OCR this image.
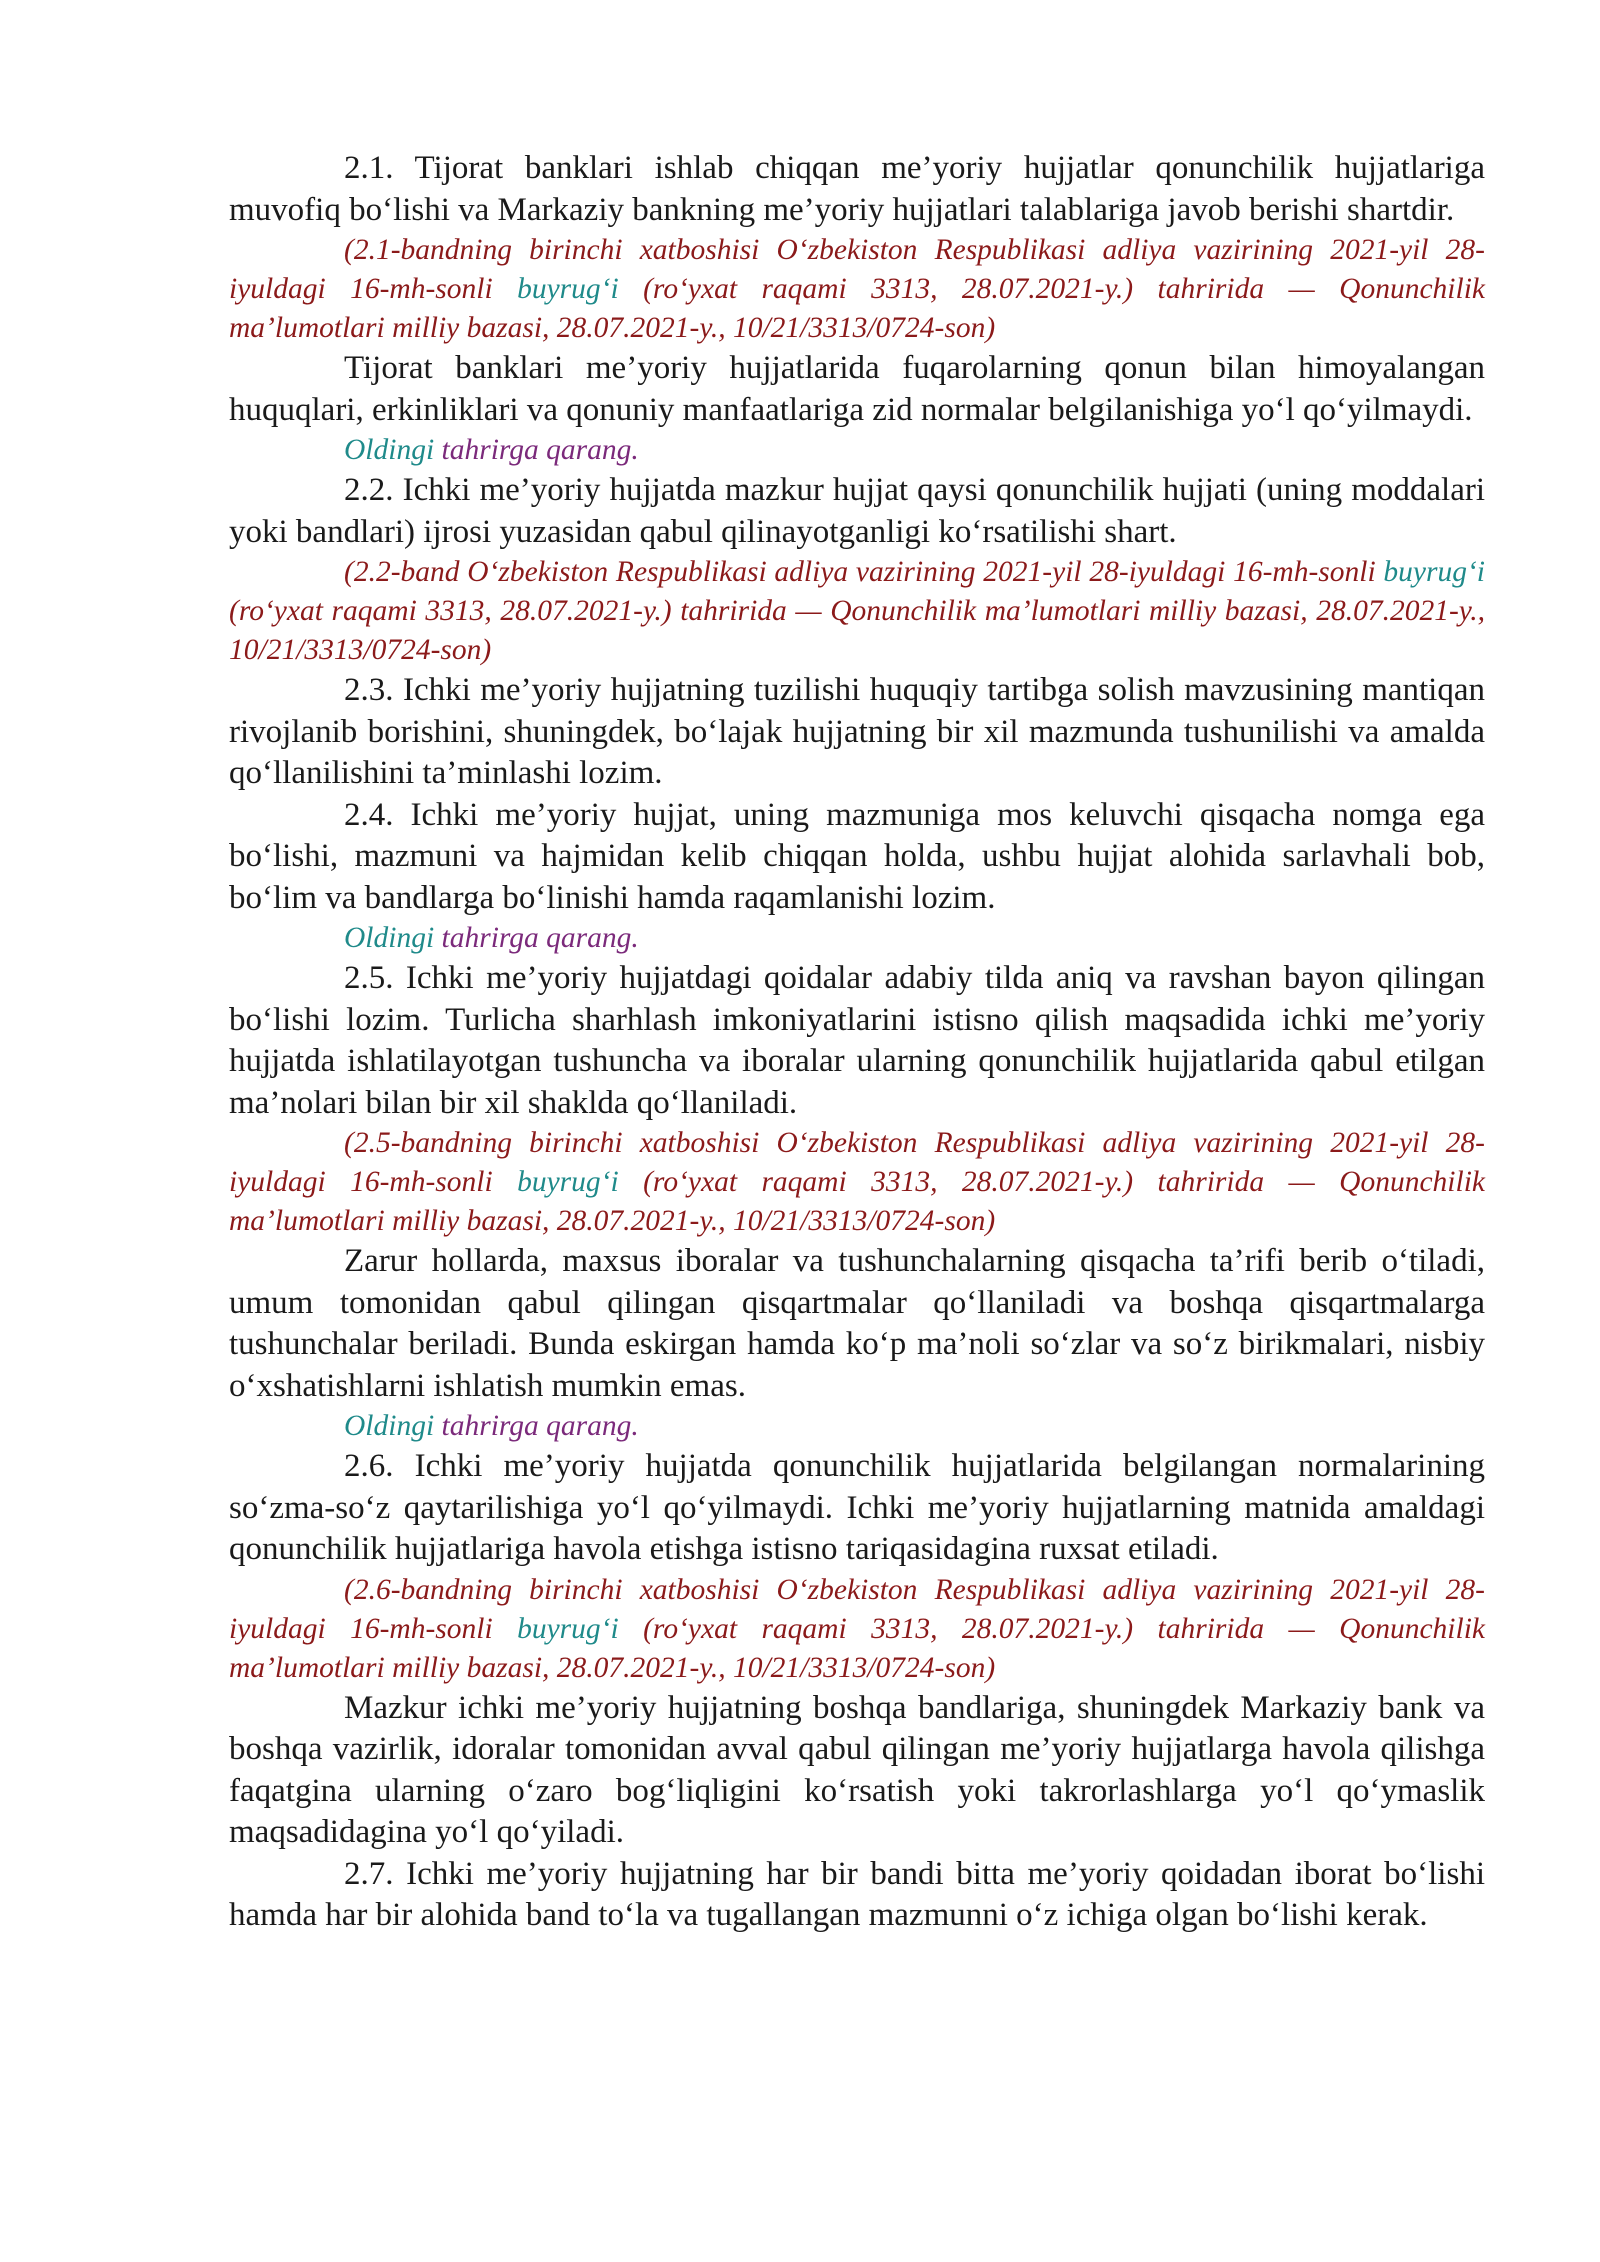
2.1. Tijorat banklari ishlab chiqqan me’yoriy hujjatlar qonunchilik hujjatlariga muvofiq bo‘lishi va Markaziy bankning me’yoriy hujjatlari talablariga javob berishi shartdir.

(2.1-bandning birinchi xatboshisi O‘zbekiston Respublikasi adliya vazirining 2021-yil 28-iyuldagi 16-mh-sonli buyrug‘i (ro‘yxat raqami 3313, 28.07.2021-y.) tahririda — Qonunchilik ma’lumotlari milliy bazasi, 28.07.2021-y., 10/21/3313/0724-son)

Tijorat banklari me’yoriy hujjatlarida fuqarolarning qonun bilan himoyalangan huquqlari, erkinliklari va qonuniy manfaatlariga zid normalar belgilanishiga yo‘l qo‘yilmaydi.

Oldingi tahrirga qarang.

2.2. Ichki me’yoriy hujjatda mazkur hujjat qaysi qonunchilik hujjati (uning moddalari yoki bandlari) ijrosi yuzasidan qabul qilinayotganligi ko‘rsatilishi shart.

(2.2-band O‘zbekiston Respublikasi adliya vazirining 2021-yil 28-iyuldagi 16-mh-sonli buyrug‘i (ro‘yxat raqami 3313, 28.07.2021-y.) tahririda — Qonunchilik ma’lumotlari milliy bazasi, 28.07.2021-y., 10/21/3313/0724-son)

2.3. Ichki me’yoriy hujjatning tuzilishi huquqiy tartibga solish mavzusining mantiqan rivojlanib borishini, shuningdek, bo‘lajak hujjatning bir xil mazmunda tushunilishi va amalda qo‘llanilishini ta’minlashi lozim.

2.4. Ichki me’yoriy hujjat, uning mazmuniga mos keluvchi qisqacha nomga ega bo‘lishi, mazmuni va hajmidan kelib chiqqan holda, ushbu hujjat alohida sarlavhali bob, bo‘lim va bandlarga bo‘linishi hamda raqamlanishi lozim.

Oldingi tahrirga qarang.

2.5. Ichki me’yoriy hujjatdagi qoidalar adabiy tilda aniq va ravshan bayon qilingan bo‘lishi lozim. Turlicha sharhlash imkoniyatlarini istisno qilish maqsadida ichki me’yoriy hujjatda ishlatilayotgan tushuncha va iboralar ularning qonunchilik hujjatlarida qabul etilgan ma’nolari bilan bir xil shaklda qo‘llaniladi.

(2.5-bandning birinchi xatboshisi O‘zbekiston Respublikasi adliya vazirining 2021-yil 28-iyuldagi 16-mh-sonli buyrug‘i (ro‘yxat raqami 3313, 28.07.2021-y.) tahririda — Qonunchilik ma’lumotlari milliy bazasi, 28.07.2021-y., 10/21/3313/0724-son)

Zarur hollarda, maxsus iboralar va tushunchalarning qisqacha ta’rifi berib o‘tiladi, umum tomonidan qabul qilingan qisqartmalar qo‘llaniladi va boshqa qisqartmalarga tushunchalar beriladi. Bunda eskirgan hamda ko‘p ma’noli so‘zlar va so‘z birikmalari, nisbiy o‘xshatishlarni ishlatish mumkin emas.

Oldingi tahrirga qarang.

2.6. Ichki me’yoriy hujjatda qonunchilik hujjatlarida belgilangan normalarining so‘zma-so‘z qaytarilishiga yo‘l qo‘yilmaydi. Ichki me’yoriy hujjatlarning matnida amaldagi qonunchilik hujjatlariga havola etishga istisno tariqasidagina ruxsat etiladi.

(2.6-bandning birinchi xatboshisi O‘zbekiston Respublikasi adliya vazirining 2021-yil 28-iyuldagi 16-mh-sonli buyrug‘i (ro‘yxat raqami 3313, 28.07.2021-y.) tahririda — Qonunchilik ma’lumotlari milliy bazasi, 28.07.2021-y., 10/21/3313/0724-son)

Mazkur ichki me’yoriy hujjatning boshqa bandlariga, shuningdek Markaziy bank va boshqa vazirlik, idoralar tomonidan avval qabul qilingan me’yoriy hujjatlarga havola qilishga faqatgina ularning o‘zaro bog‘liqligini ko‘rsatish yoki takrorlashlarga yo‘l qo‘ymaslik maqsadidagina yo‘l qo‘yiladi.

2.7. Ichki me’yoriy hujjatning har bir bandi bitta me’yoriy qoidadan iborat bo‘lishi hamda har bir alohida band to‘la va tugallangan mazmunni o‘z ichiga olgan bo‘lishi kerak.
